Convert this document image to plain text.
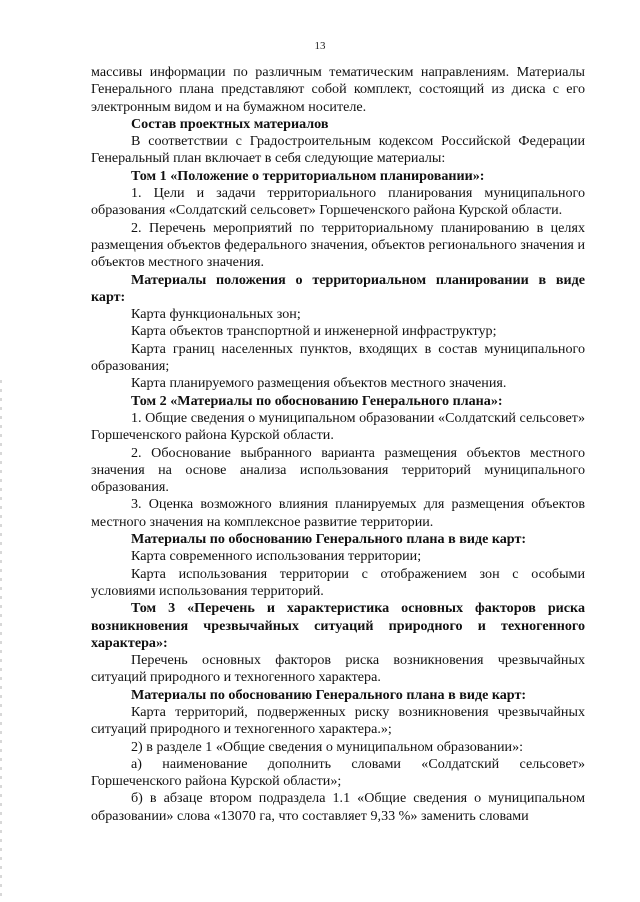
13

массивы информации по различным тематическим направлениям. Материалы Генерального плана представляют собой комплект, состоящий из диска с его электронным видом и на бумажном носителе.

Состав проектных материалов

В соответствии с Градостроительным кодексом Российской Федерации Генеральный план включает в себя следующие материалы:

Том 1 «Положение о территориальном планировании»:

1. Цели и задачи территориального планирования муниципального образования «Солдатский сельсовет» Горшеченского района Курской области.

2. Перечень мероприятий по территориальному планированию в целях размещения объектов федерального значения, объектов регионального значения и объектов местного значения.

Материалы положения о территориальном планировании в виде карт:

Карта функциональных зон;

Карта объектов транспортной и инженерной инфраструктур;

Карта границ населенных пунктов, входящих в состав муниципального образования;

Карта планируемого размещения объектов местного значения.

Том 2 «Материалы по обоснованию Генерального плана»:

1. Общие сведения о муниципальном образовании «Солдатский сельсовет» Горшеченского района Курской области.

2. Обоснование выбранного варианта размещения объектов местного значения на основе анализа использования территорий муниципального образования.

3. Оценка возможного влияния планируемых для размещения объектов местного значения на комплексное развитие территории.

Материалы по обоснованию Генерального плана в виде карт:

Карта современного использования территории;

Карта использования территории с отображением зон с особыми условиями использования территорий.

Том 3 «Перечень и характеристика основных факторов риска возникновения чрезвычайных ситуаций природного и техногенного характера»:

Перечень основных факторов риска возникновения чрезвычайных ситуаций природного и техногенного характера.

Материалы по обоснованию Генерального плана в виде карт:

Карта территорий, подверженных риску возникновения чрезвычайных ситуаций природного и техногенного характера.»;

2) в разделе 1 «Общие сведения о муниципальном образовании»:

а) наименование дополнить словами «Солдатский сельсовет» Горшеченского района Курской области»;

б) в абзаце втором подраздела 1.1 «Общие сведения о муниципальном образовании» слова «13070 га, что составляет 9,33 %» заменить словами
